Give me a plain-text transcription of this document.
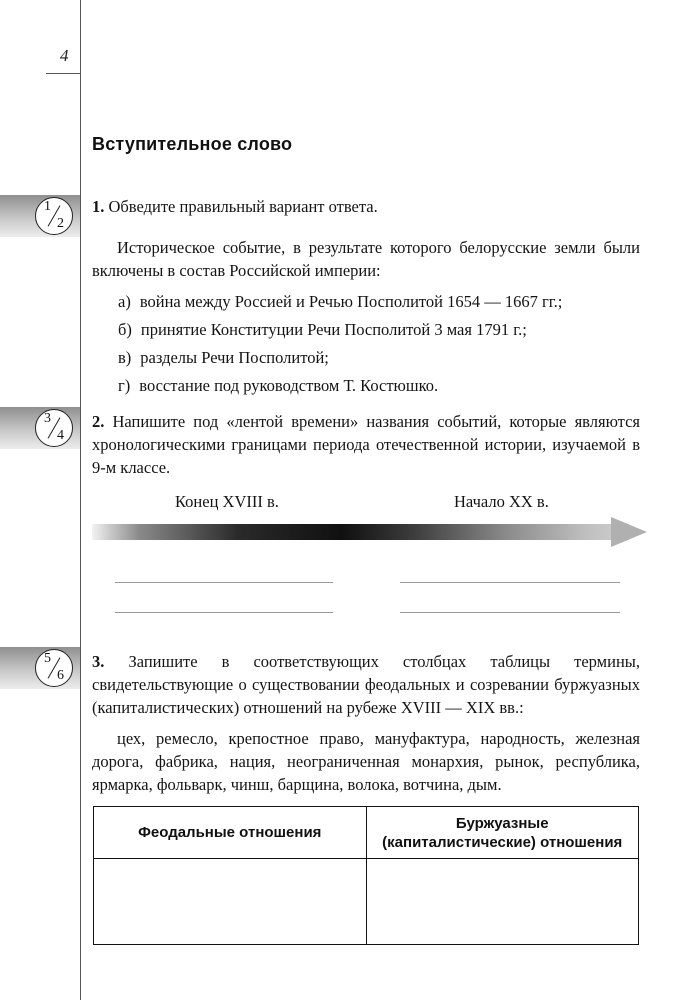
4
1
2
3
4
5
6
Вступительное слово

1. Обведите правильный вариант ответа.

Историческое событие, в результате которого белорусские земли были включены в состав Российской империи:

а) война между Россией и Речью Посполитой 1654 — 1667 гг.;
б) принятие Конституции Речи Посполитой 3 мая 1791 г.;
в) разделы Речи Посполитой;
г) восстание под руководством Т. Костюшко.

2. Напишите под «лентой времени» названия событий, которые являются хронологическими границами периода отечественной истории, изучаемой в 9-м классе.

Конец XVIII в.	Начало XX в.

3. Запишите в соответствующих столбцах таблицы термины, свидетельствующие о существовании феодальных и созревании буржуазных (капиталистических) отношений на рубеже XVIII — XIX вв.:

цех, ремесло, крепостное право, мануфактура, народность, железная дорога, фабрика, нация, неограниченная монархия, рынок, республика, ярмарка, фольварк, чинш, барщина, волока, вотчина, дым.

Феодальные отношения	Буржуазные
(капиталистические) отношения
